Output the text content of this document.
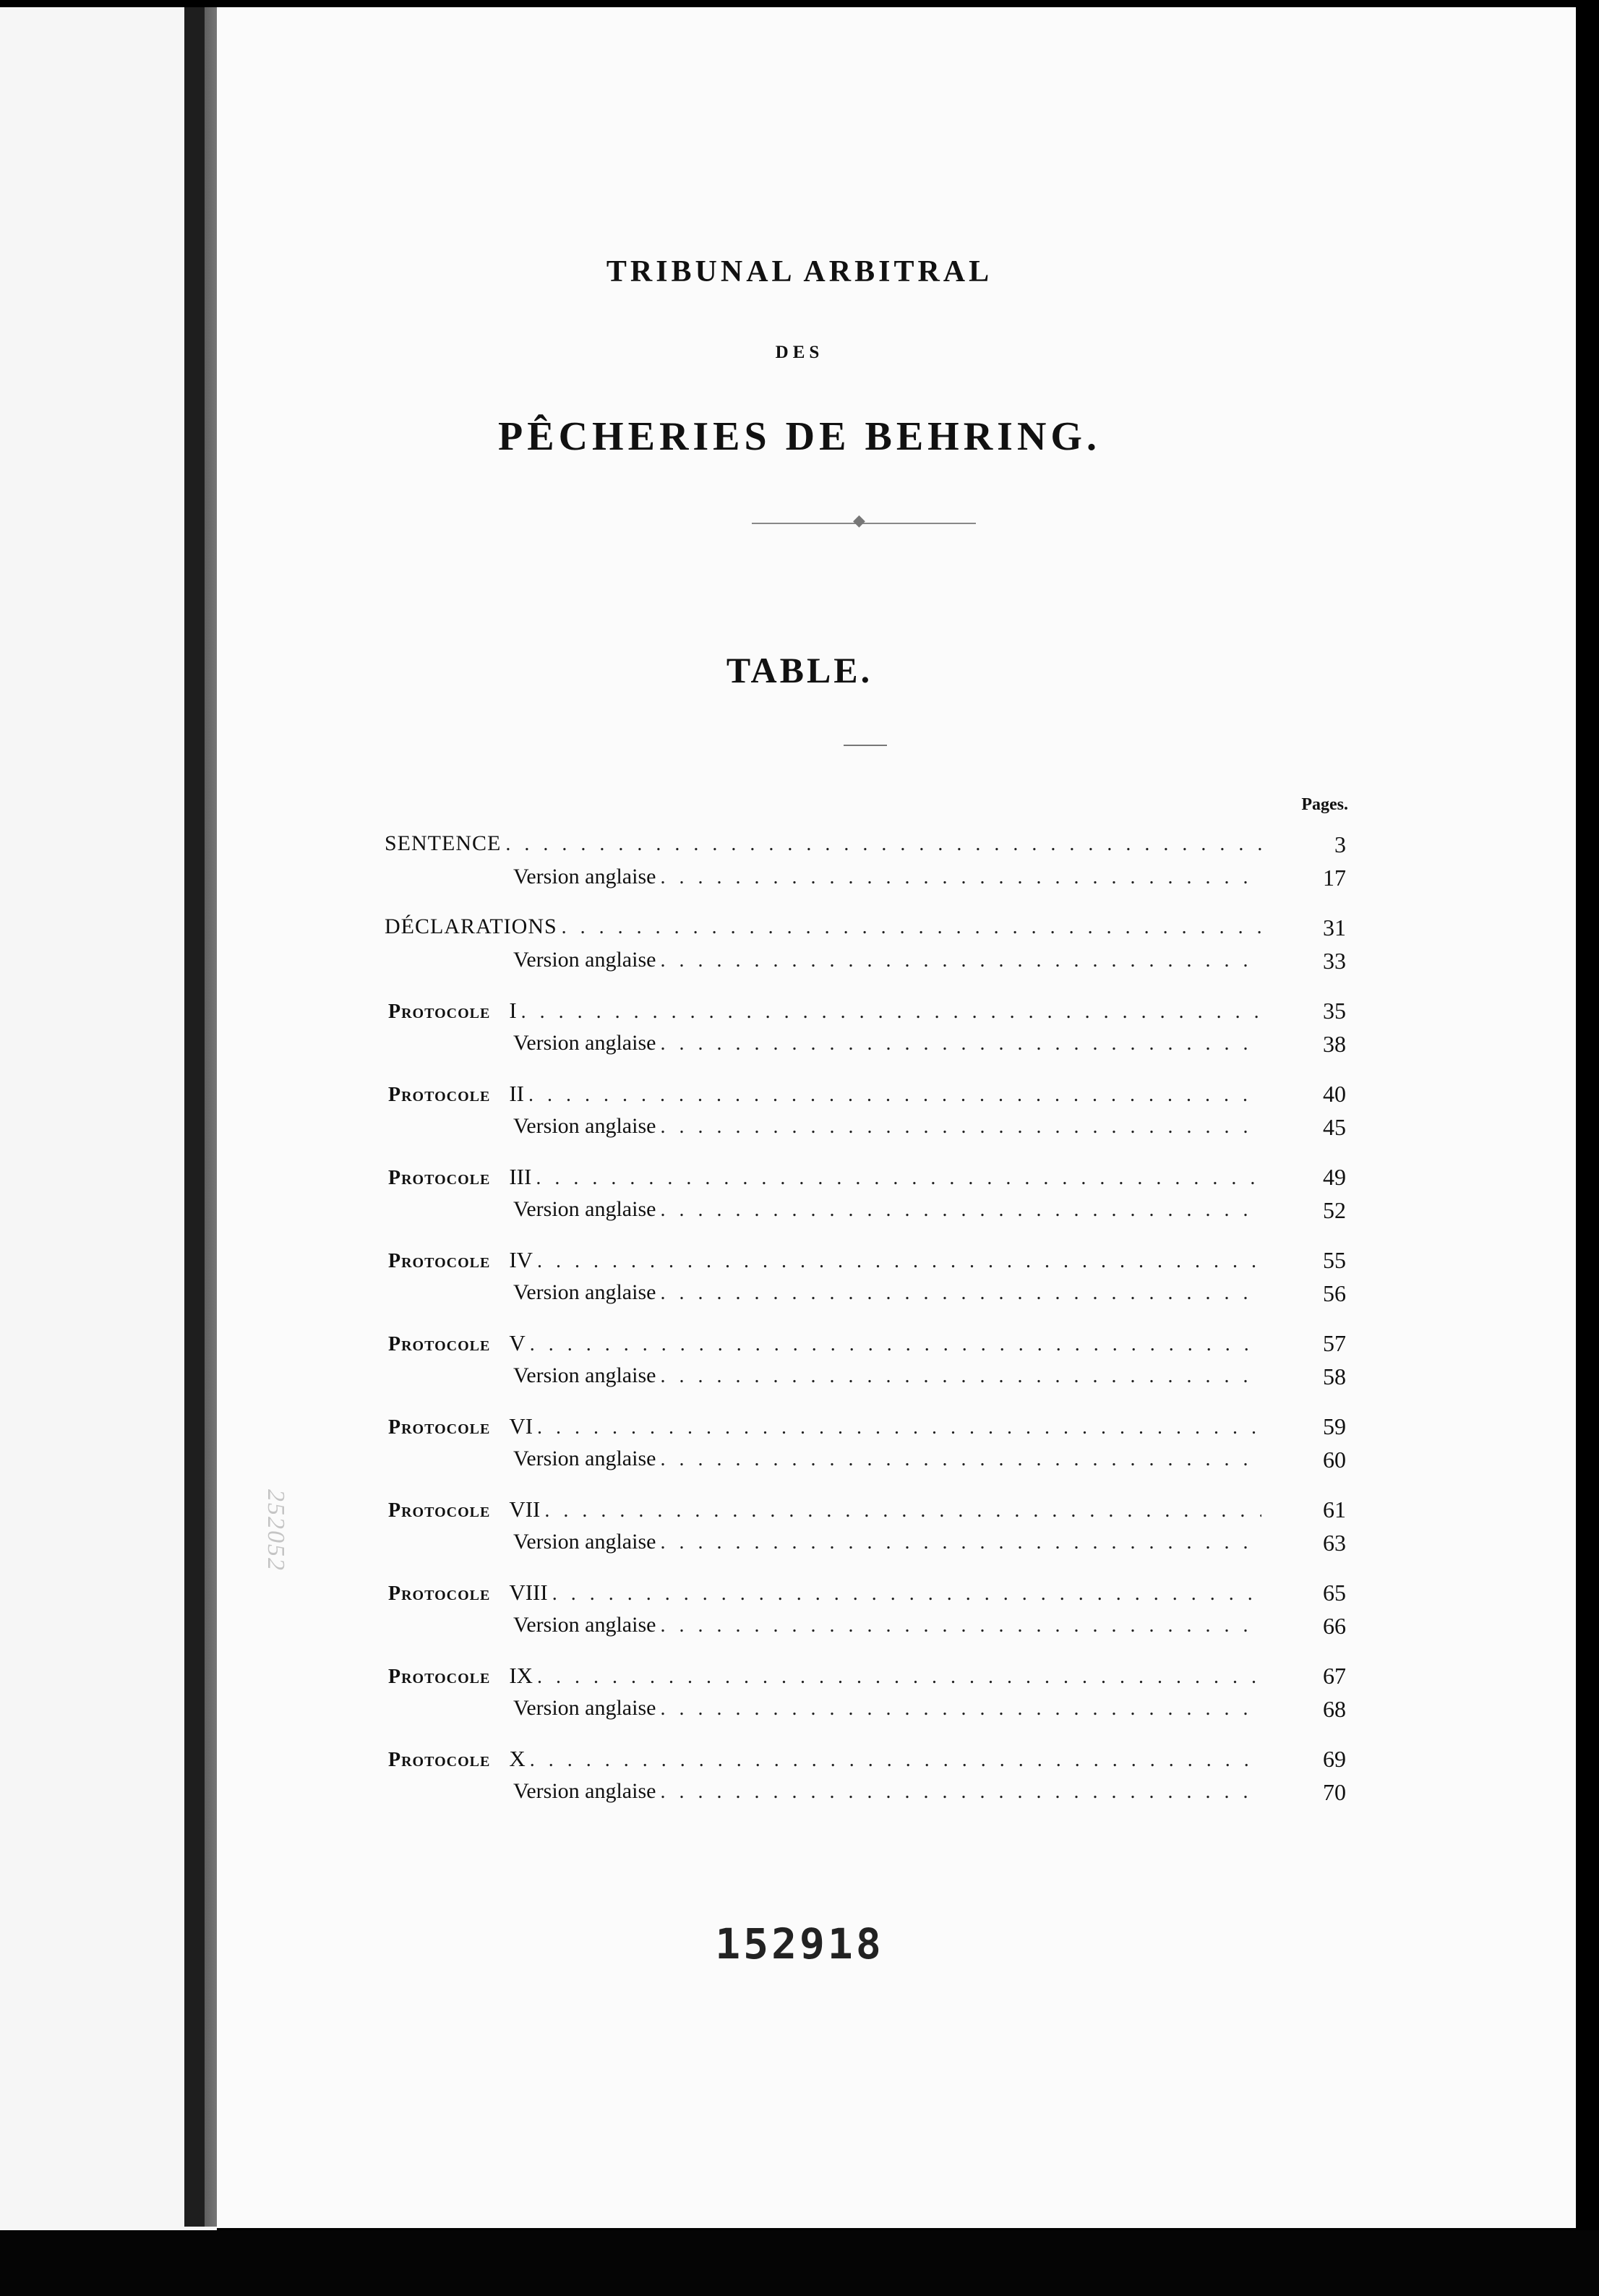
252052
TRIBUNAL ARBITRAL
DES
PÊCHERIES DE BEHRING.
◆
TABLE.
Pages.
SENTENCE . . .	3
Version anglaise . . .	17
DÉCLARATIONS . . .	31
Version anglaise . . .	33
Protocole I . . .	35
Version anglaise . . .	38
Protocole II . . .	40
Version anglaise . . .	45
Protocole III . . .	49
Version anglaise . . .	52
Protocole IV . . .	55
Version anglaise . . .	56
Protocole V . . .	57
Version anglaise . . .	58
Protocole VI . . .	59
Version anglaise . . .	60
Protocole VII . . .	61
Version anglaise . . .	63
Protocole VIII . . .	65
Version anglaise . . .	66
Protocole IX . . .	67
Version anglaise . . .	68
Protocole X . . .	69
Version anglaise . . .	70
152918
